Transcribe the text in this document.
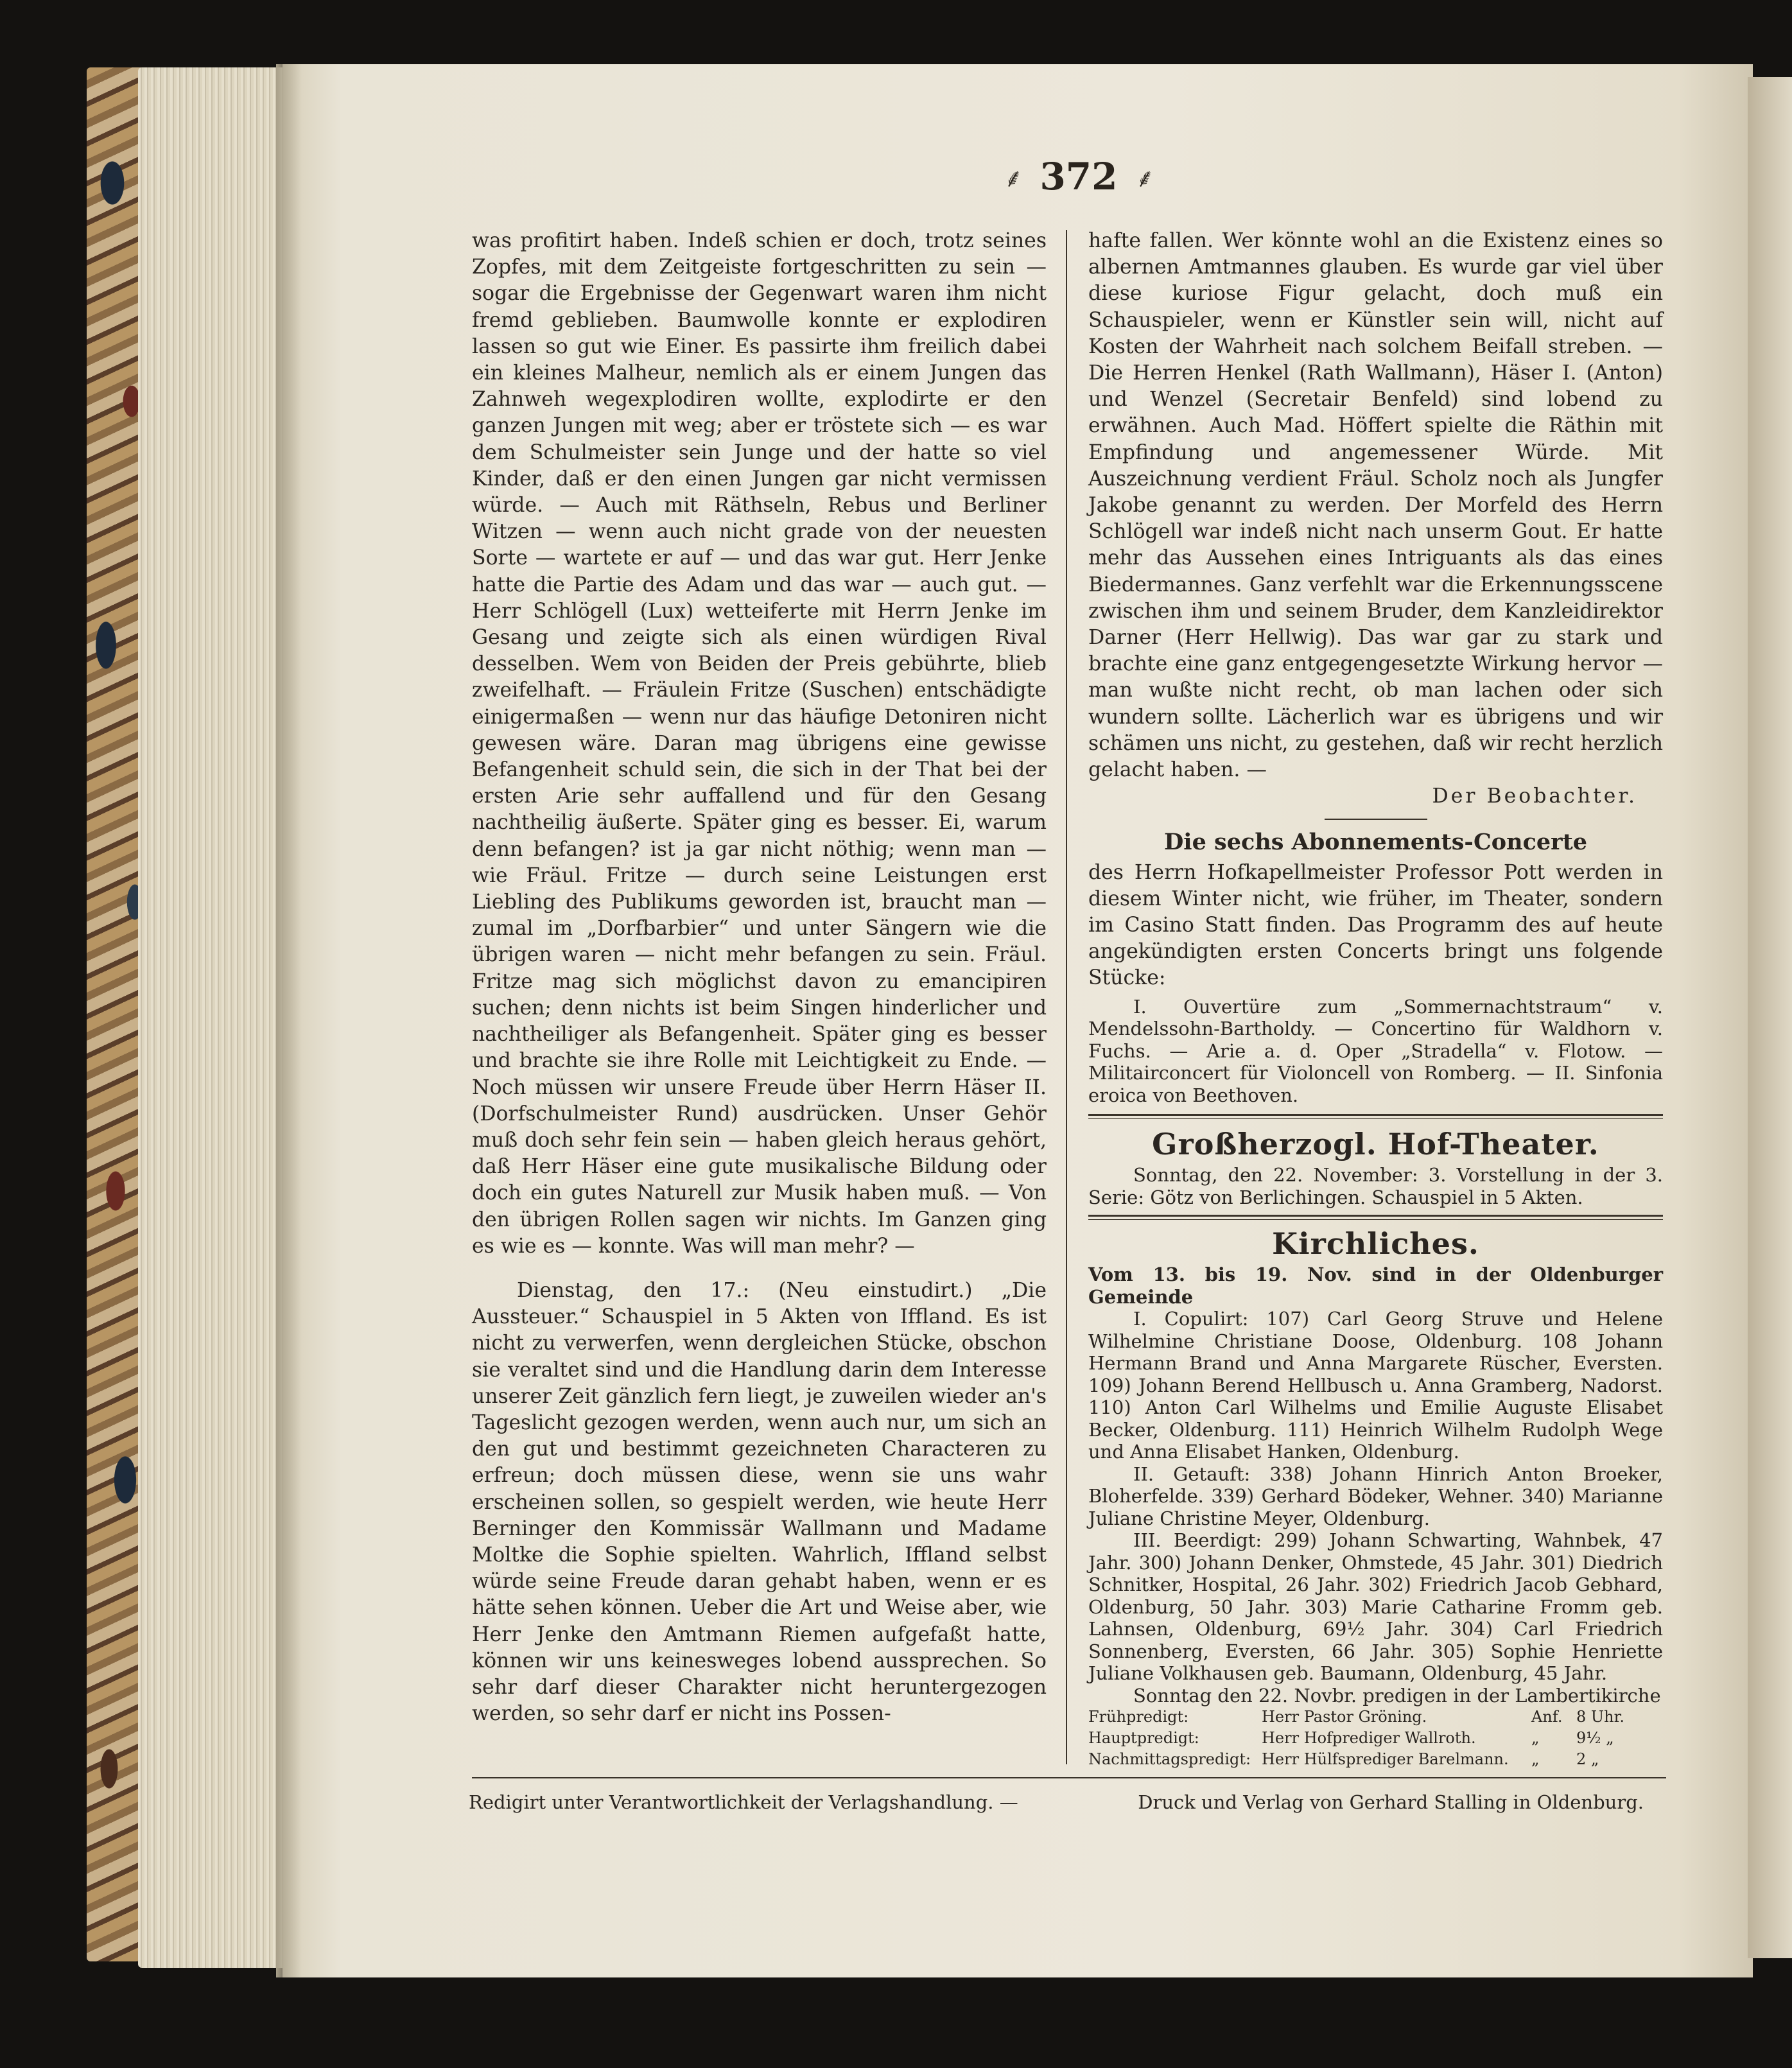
⸙ 372 ⸙

was profitirt haben. Indeß schien er doch, trotz seines Zopfes, mit dem Zeitgeiste fortgeschritten zu sein — sogar die Ergebnisse der Gegenwart waren ihm nicht fremd geblieben. Baumwolle konnte er explodiren lassen so gut wie Einer. Es passirte ihm freilich dabei ein kleines Malheur, nemlich als er einem Jungen das Zahnweh wegexplodiren wollte, explodirte er den ganzen Jungen mit weg; aber er tröstete sich — es war dem Schulmeister sein Junge und der hatte so viel Kinder, daß er den einen Jungen gar nicht vermissen würde. — Auch mit Räthseln, Rebus und Berliner Witzen — wenn auch nicht grade von der neuesten Sorte — wartete er auf — und das war gut. Herr Jenke hatte die Partie des Adam und das war — auch gut. — Herr Schlögell (Lux) wetteiferte mit Herrn Jenke im Gesang und zeigte sich als einen würdigen Rival desselben. Wem von Beiden der Preis gebührte, blieb zweifelhaft. — Fräulein Fritze (Suschen) entschädigte einigermaßen — wenn nur das häufige Detoniren nicht gewesen wäre. Daran mag übrigens eine gewisse Befangenheit schuld sein, die sich in der That bei der ersten Arie sehr auffallend und für den Gesang nachtheilig äußerte. Später ging es besser. Ei, warum denn befangen? ist ja gar nicht nöthig; wenn man — wie Fräul. Fritze — durch seine Leistungen erst Liebling des Publikums geworden ist, braucht man — zumal im „Dorfbarbier“ und unter Sängern wie die übrigen waren — nicht mehr befangen zu sein. Fräul. Fritze mag sich möglichst davon zu emancipiren suchen; denn nichts ist beim Singen hinderlicher und nachtheiliger als Befangenheit. Später ging es besser und brachte sie ihre Rolle mit Leichtigkeit zu Ende. — Noch müssen wir unsere Freude über Herrn Häser II. (Dorfschulmeister Rund) ausdrücken. Unser Gehör muß doch sehr fein sein — haben gleich heraus gehört, daß Herr Häser eine gute musikalische Bildung oder doch ein gutes Naturell zur Musik haben muß. — Von den übrigen Rollen sagen wir nichts. Im Ganzen ging es wie es — konnte. Was will man mehr? —

Dienstag, den 17.: (Neu einstudirt.) „Die Aussteuer.“ Schauspiel in 5 Akten von Iffland. Es ist nicht zu verwerfen, wenn dergleichen Stücke, obschon sie veraltet sind und die Handlung darin dem Interesse unserer Zeit gänzlich fern liegt, je zuweilen wieder an's Tageslicht gezogen werden, wenn auch nur, um sich an den gut und bestimmt gezeichneten Characteren zu erfreun; doch müssen diese, wenn sie uns wahr erscheinen sollen, so gespielt werden, wie heute Herr Berninger den Kommissär Wallmann und Madame Moltke die Sophie spielten. Wahrlich, Iffland selbst würde seine Freude daran gehabt haben, wenn er es hätte sehen können. Ueber die Art und Weise aber, wie Herr Jenke den Amtmann Riemen aufgefaßt hatte, können wir uns keinesweges lobend aussprechen. So sehr darf dieser Charakter nicht heruntergezogen werden, so sehr darf er nicht ins Possen-

hafte fallen. Wer könnte wohl an die Existenz eines so albernen Amtmannes glauben. Es wurde gar viel über diese kuriose Figur gelacht, doch muß ein Schauspieler, wenn er Künstler sein will, nicht auf Kosten der Wahrheit nach solchem Beifall streben. — Die Herren Henkel (Rath Wallmann), Häser I. (Anton) und Wenzel (Secretair Benfeld) sind lobend zu erwähnen. Auch Mad. Höffert spielte die Räthin mit Empfindung und angemessener Würde. Mit Auszeichnung verdient Fräul. Scholz noch als Jungfer Jakobe genannt zu werden. Der Morfeld des Herrn Schlögell war indeß nicht nach unserm Gout. Er hatte mehr das Aussehen eines Intriguants als das eines Biedermannes. Ganz verfehlt war die Erkennungsscene zwischen ihm und seinem Bruder, dem Kanzleidirektor Darner (Herr Hellwig). Das war gar zu stark und brachte eine ganz entgegengesetzte Wirkung hervor — man wußte nicht recht, ob man lachen oder sich wundern sollte. Lächerlich war es übrigens und wir schämen uns nicht, zu gestehen, daß wir recht herzlich gelacht haben. —

Der Beobachter.

Die sechs Abonnements-Concerte

des Herrn Hofkapellmeister Professor Pott werden in diesem Winter nicht, wie früher, im Theater, sondern im Casino Statt finden. Das Programm des auf heute angekündigten ersten Concerts bringt uns folgende Stücke:

I. Ouvertüre zum „Sommernachtstraum“ v. Mendelssohn-Bartholdy. — Concertino für Waldhorn v. Fuchs. — Arie a. d. Oper „Stradella“ v. Flotow. — Militairconcert für Violoncell von Romberg. — II. Sinfonia eroica von Beethoven.

Großherzogl. Hof-Theater.

Sonntag, den 22. November: 3. Vorstellung in der 3. Serie: Götz von Berlichingen. Schauspiel in 5 Akten.

Kirchliches.

Vom 13. bis 19. Nov. sind in der Oldenburger Gemeinde

I. Copulirt: 107) Carl Georg Struve und Helene Wilhelmine Christiane Doose, Oldenburg. 108 Johann Hermann Brand und Anna Margarete Rüscher, Eversten. 109) Johann Berend Hellbusch u. Anna Gramberg, Nadorst. 110) Anton Carl Wilhelms und Emilie Auguste Elisabet Becker, Oldenburg. 111) Heinrich Wilhelm Rudolph Wege und Anna Elisabet Hanken, Oldenburg.

II. Getauft: 338) Johann Hinrich Anton Broeker, Bloherfelde. 339) Gerhard Bödeker, Wehner. 340) Marianne Juliane Christine Meyer, Oldenburg.

III. Beerdigt: 299) Johann Schwarting, Wahnbek, 47 Jahr. 300) Johann Denker, Ohmstede, 45 Jahr. 301) Diedrich Schnitker, Hospital, 26 Jahr. 302) Friedrich Jacob Gebhard, Oldenburg, 50 Jahr. 303) Marie Catharine Fromm geb. Lahnsen, Oldenburg, 69½ Jahr. 304) Carl Friedrich Sonnenberg, Eversten, 66 Jahr. 305) Sophie Henriette Juliane Volkhausen geb. Baumann, Oldenburg, 45 Jahr.

Sonntag den 22. Novbr. predigen in der Lambertikirche

Frühpredigt:	Herr Pastor Gröning.	Anf. 8 Uhr.
Hauptpredigt:	Herr Hofprediger Wallroth.	„	9½ „
Nachmittagspredigt: Herr Hülfsprediger Barelmann.	„	2 „
Redigirt unter Verantwortlichkeit der Verlagshandlung. —	Druck und Verlag von Gerhard Stalling in Oldenburg.
